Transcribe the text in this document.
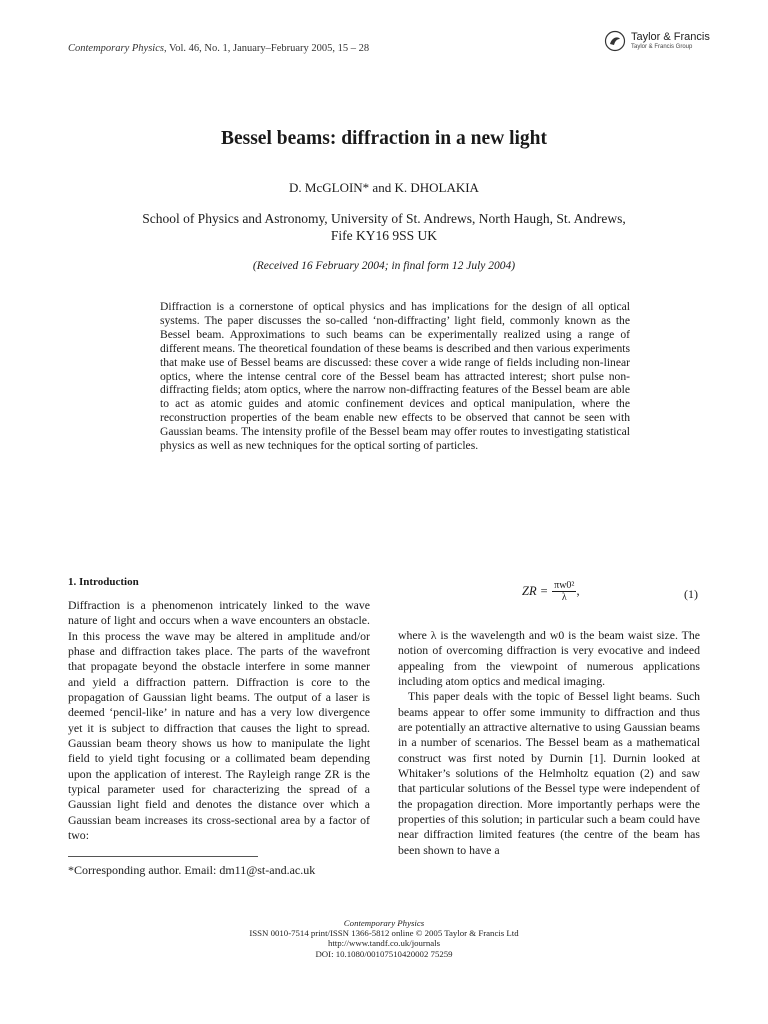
Contemporary Physics, Vol. 46, No. 1, January–February 2005, 15 – 28
Taylor & Francis
Taylor & Francis Group
Bessel beams: diffraction in a new light
D. McGLOIN* and K. DHOLAKIA
School of Physics and Astronomy, University of St. Andrews, North Haugh, St. Andrews,
Fife KY16 9SS UK
(Received 16 February 2004; in final form 12 July 2004)
Diffraction is a cornerstone of optical physics and has implications for the design of all optical systems. The paper discusses the so-called ‘non-diffracting’ light field, commonly known as the Bessel beam. Approximations to such beams can be experimentally realized using a range of different means. The theoretical foundation of these beams is described and then various experiments that make use of Bessel beams are discussed: these cover a wide range of fields including non-linear optics, where the intense central core of the Bessel beam has attracted interest; short pulse non-diffracting fields; atom optics, where the narrow non-diffracting features of the Bessel beam are able to act as atomic guides and atomic confinement devices and optical manipulation, where the reconstruction properties of the beam enable new effects to be observed that cannot be seen with Gaussian beams. The intensity profile of the Bessel beam may offer routes to investigating statistical physics as well as new techniques for the optical sorting of particles.
1. Introduction
Diffraction is a phenomenon intricately linked to the wave nature of light and occurs when a wave encounters an obstacle. In this process the wave may be altered in amplitude and/or phase and diffraction takes place. The parts of the wavefront that propagate beyond the obstacle interfere in some manner and yield a diffraction pattern. Diffraction is core to the propagation of Gaussian light beams. The output of a laser is deemed ‘pencil-like’ in nature and has a very low divergence yet it is subject to diffraction that causes the light to spread. Gaussian beam theory shows us how to manipulate the light field to yield tight focusing or a collimated beam depending upon the application of interest. The Rayleigh range ZR is the typical parameter used for characterizing the spread of a Gaussian light field and denotes the distance over which a Gaussian beam increases its cross-sectional area by a factor of two:
ZR = $\frac{\text{πw0²}}{\lambda}$ ,	(1)

where λ is the wavelength and w0 is the beam waist size. The notion of overcoming diffraction is very evocative and indeed appealing from the viewpoint of numerous applications including atom optics and medical imaging.

This paper deals with the topic of Bessel light beams. Such beams appear to offer some immunity to diffraction and thus are potentially an attractive alternative to using Gaussian beams in a number of scenarios. The Bessel beam as a mathematical construct was first noted by Durnin [1]. Durnin looked at Whitaker’s solutions of the Helmholtz equation (2) and saw that particular solutions of the Bessel type were independent of the propagation direction. More importantly perhaps were the properties of this solution; in particular such a beam could have near diffraction limited features (the centre of the beam has been shown to have a

*Corresponding author. Email: dm11@st-and.ac.uk
Contemporary Physics
ISSN 0010-7514 print/ISSN 1366-5812 online © 2005 Taylor & Francis Ltd
http://www.tandf.co.uk/journals
DOI: 10.1080/00107510420002 75259
